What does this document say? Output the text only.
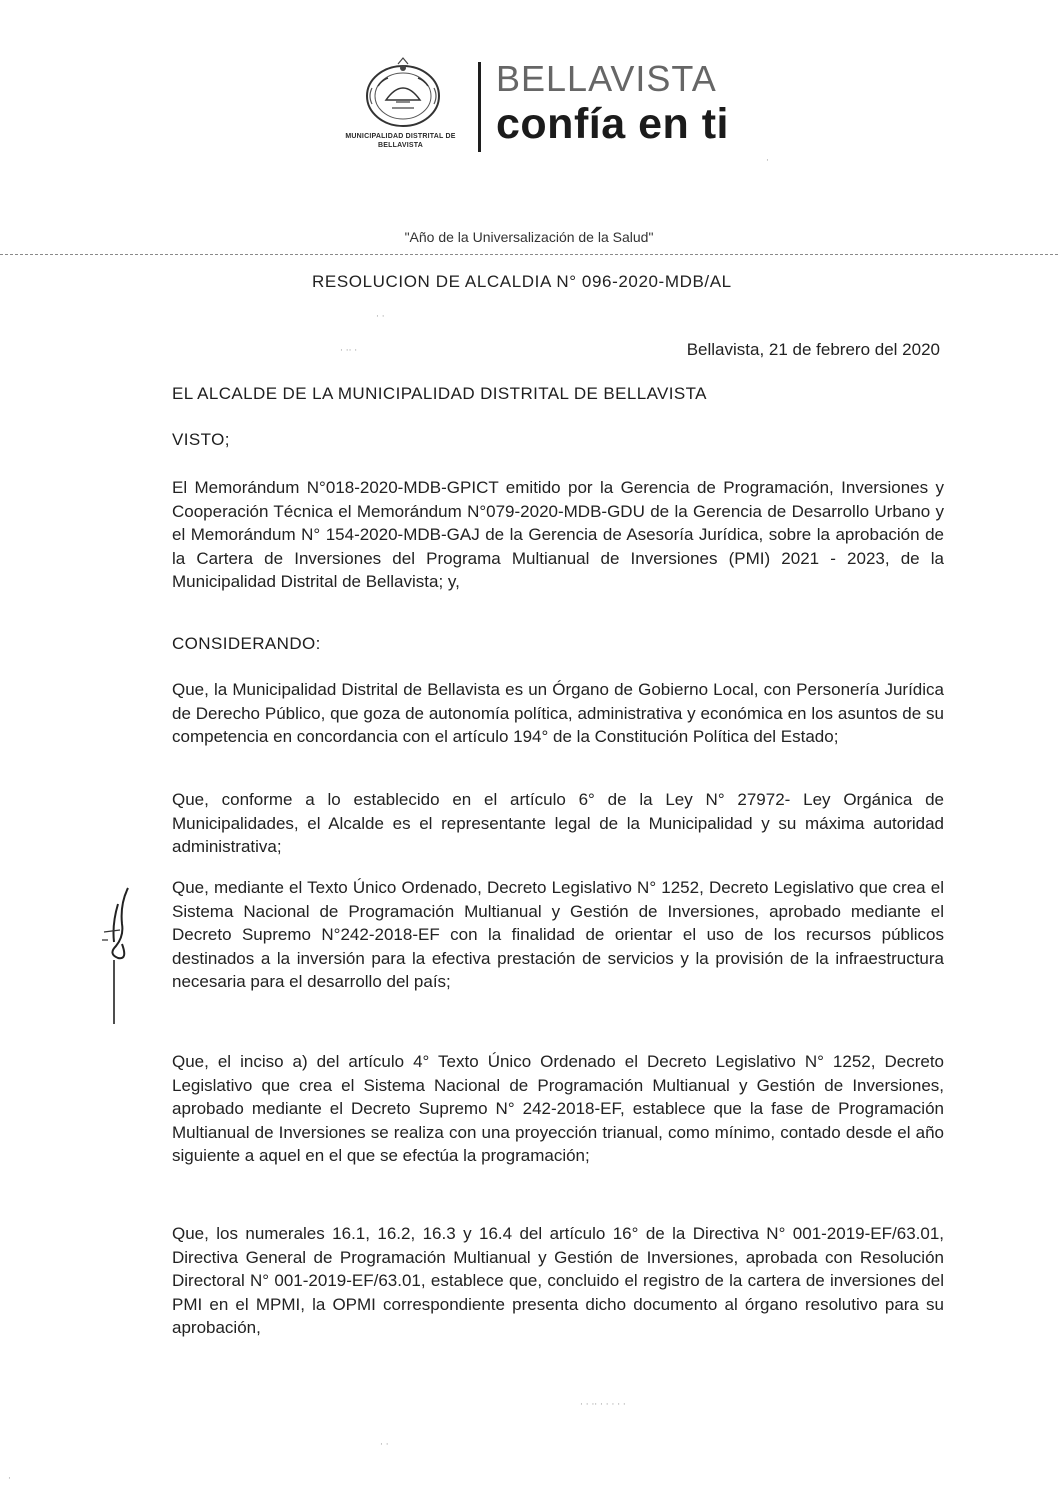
MUNICIPALIDAD DISTRITAL DE BELLAVISTA
BELLAVISTA
confía en ti
"Año de la Universalización de la Salud"
RESOLUCION DE ALCALDIA N° 096-2020-MDB/AL
Bellavista, 21 de febrero del 2020
EL ALCALDE DE LA MUNICIPALIDAD DISTRITAL DE BELLAVISTA
VISTO;
El Memorándum N°018-2020-MDB-GPICT emitido por la Gerencia de Programación, Inversiones y Cooperación Técnica el Memorándum N°079-2020-MDB-GDU de la Gerencia de Desarrollo Urbano y el Memorándum N° 154-2020-MDB-GAJ de la Gerencia de Asesoría Jurídica, sobre la aprobación de la Cartera de Inversiones del Programa Multianual de Inversiones (PMI) 2021 - 2023, de la Municipalidad Distrital de Bellavista; y,
CONSIDERANDO:
Que, la Municipalidad Distrital de Bellavista es un Órgano de Gobierno Local, con Personería Jurídica de Derecho Público, que goza de autonomía política, administrativa y económica en los asuntos de su competencia en concordancia con el artículo 194° de la Constitución Política del Estado;
Que, conforme a lo establecido en el artículo 6° de la Ley N° 27972- Ley Orgánica de Municipalidades, el Alcalde es el representante legal de la Municipalidad y su máxima autoridad administrativa;
Que, mediante el Texto Único Ordenado, Decreto Legislativo N° 1252, Decreto Legislativo que crea el Sistema Nacional de Programación Multianual y Gestión de Inversiones, aprobado mediante el Decreto Supremo N°242-2018-EF con la finalidad de orientar el uso de los recursos públicos destinados a la inversión para la efectiva prestación de servicios y la provisión de la infraestructura necesaria para el desarrollo del país;
Que, el inciso a) del artículo 4° Texto Único Ordenado el Decreto Legislativo N° 1252, Decreto Legislativo que crea el Sistema Nacional de Programación Multianual y Gestión de Inversiones, aprobado mediante el Decreto Supremo N° 242-2018-EF, establece que la fase de Programación Multianual de Inversiones se realiza con una proyección trianual, como mínimo, contado desde el año siguiente a aquel en el que se efectúa la programación;
Que, los numerales 16.1, 16.2, 16.3 y 16.4 del artículo 16° de la Directiva N° 001-2019-EF/63.01, Directiva General de Programación Multianual y Gestión de Inversiones, aprobada con Resolución Directoral N° 001-2019-EF/63.01, establece que, concluido el registro de la cartera de inversiones del PMI en el MPMI, la OPMI correspondiente presenta dicho documento al órgano resolutivo para su aprobación,
· ·
· ·· ·
·
· · ·· · · · · ·
· ·
·
